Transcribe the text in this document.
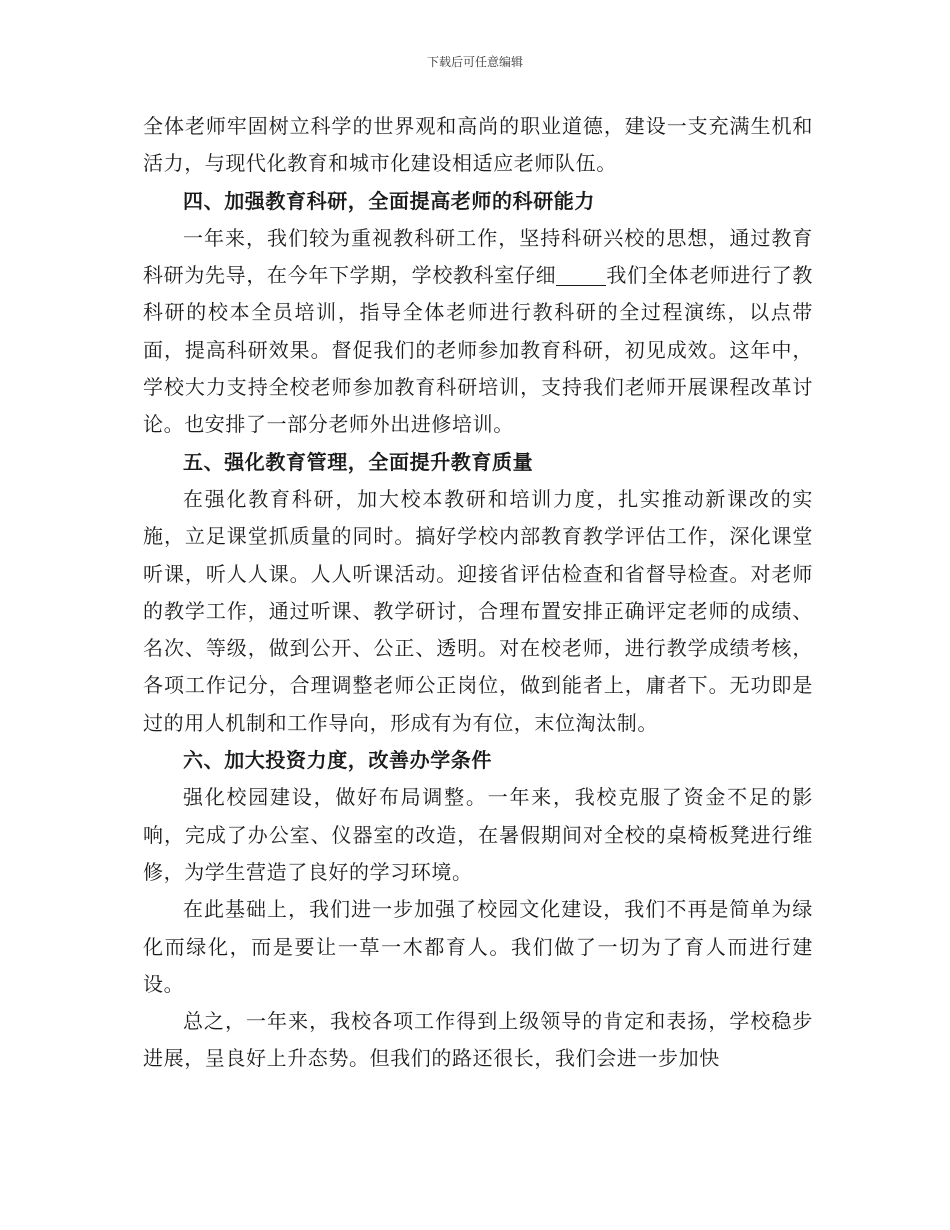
下载后可任意编辑

全体老师牢固树立科学的世界观和高尚的职业道德，建设一支充满生机和活力，与现代化教育和城市化建设相适应老师队伍。

四、加强教育科研，全面提高老师的科研能力

一年来，我们较为重视教科研工作，坚持科研兴校的思想，通过教育科研为先导，在今年下学期，学校教科室仔细	我们全体老师进行了教科研的校本全员培训，指导全体老师进行教科研的全过程演练，以点带面，提高科研效果。督促我们的老师参加教育科研，初见成效。这年中，学校大力支持全校老师参加教育科研培训，支持我们老师开展课程改革讨论。也安排了一部分老师外出进修培训。

五、强化教育管理，全面提升教育质量

在强化教育科研，加大校本教研和培训力度，扎实推动新课改的实施，立足课堂抓质量的同时。搞好学校内部教育教学评估工作，深化课堂听课，听人人课。人人听课活动。迎接省评估检查和省督导检查。对老师的教学工作，通过听课、教学研讨，合理布置安排正确评定老师的成绩、名次、等级，做到公开、公正、透明。对在校老师，进行教学成绩考核，各项工作记分，合理调整老师公正岗位，做到能者上，庸者下。无功即是过的用人机制和工作导向，形成有为有位，末位淘汰制。

六、加大投资力度，改善办学条件

强化校园建设，做好布局调整。一年来，我校克服了资金不足的影响，完成了办公室、仪器室的改造，在暑假期间对全校的桌椅板凳进行维修，为学生营造了良好的学习环境。

在此基础上，我们进一步加强了校园文化建设，我们不再是简单为绿化而绿化，而是要让一草一木都育人。我们做了一切为了育人而进行建设。

总之，一年来，我校各项工作得到上级领导的肯定和表扬，学校稳步进展，呈良好上升态势。但我们的路还很长，我们会进一步加快
